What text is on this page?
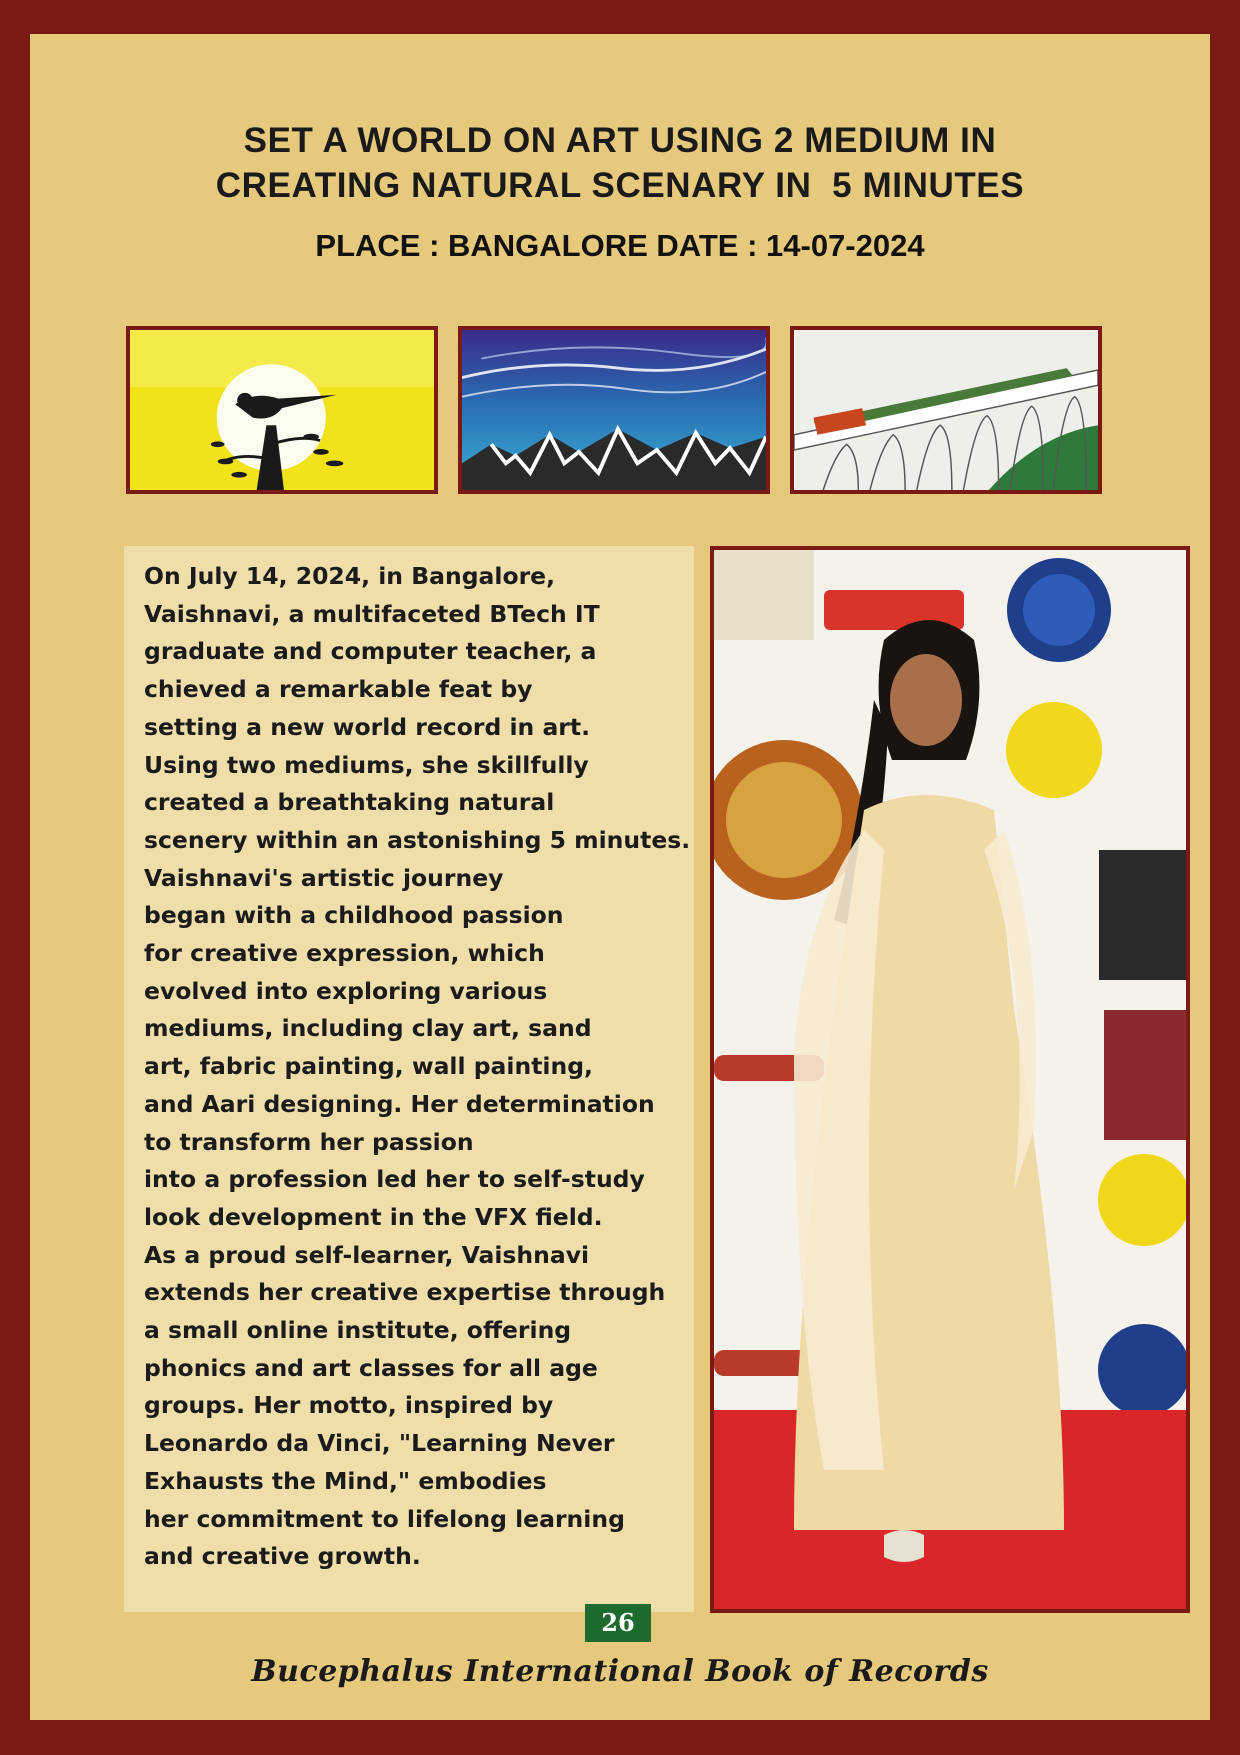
SET A WORLD ON ART USING 2 MEDIUM IN
CREATING NATURAL SCENARY IN  5 MINUTES
PLACE : BANGALORE DATE : 14-07-2024
On July 14, 2024, in Bangalore,
Vaishnavi, a multifaceted BTech IT
graduate and computer teacher, a
chieved a remarkable feat by
setting a new world record in art.
Using two mediums, she skillfully
created a breathtaking natural
scenery within an astonishing 5 minutes.
Vaishnavi's artistic journey
began with a childhood passion
for creative expression, which
evolved into exploring various
mediums, including clay art, sand
art, fabric painting, wall painting,
and Aari designing. Her determination
to transform her passion
into a profession led her to self-study
look development in the VFX field.
As a proud self-learner, Vaishnavi
extends her creative expertise through
a small online institute, offering
phonics and art classes for all age
groups. Her motto, inspired by
Leonardo da Vinci, "Learning Never
Exhausts the Mind," embodies
her commitment to lifelong learning
and creative growth.
26
Bucephalus International Book of Records
